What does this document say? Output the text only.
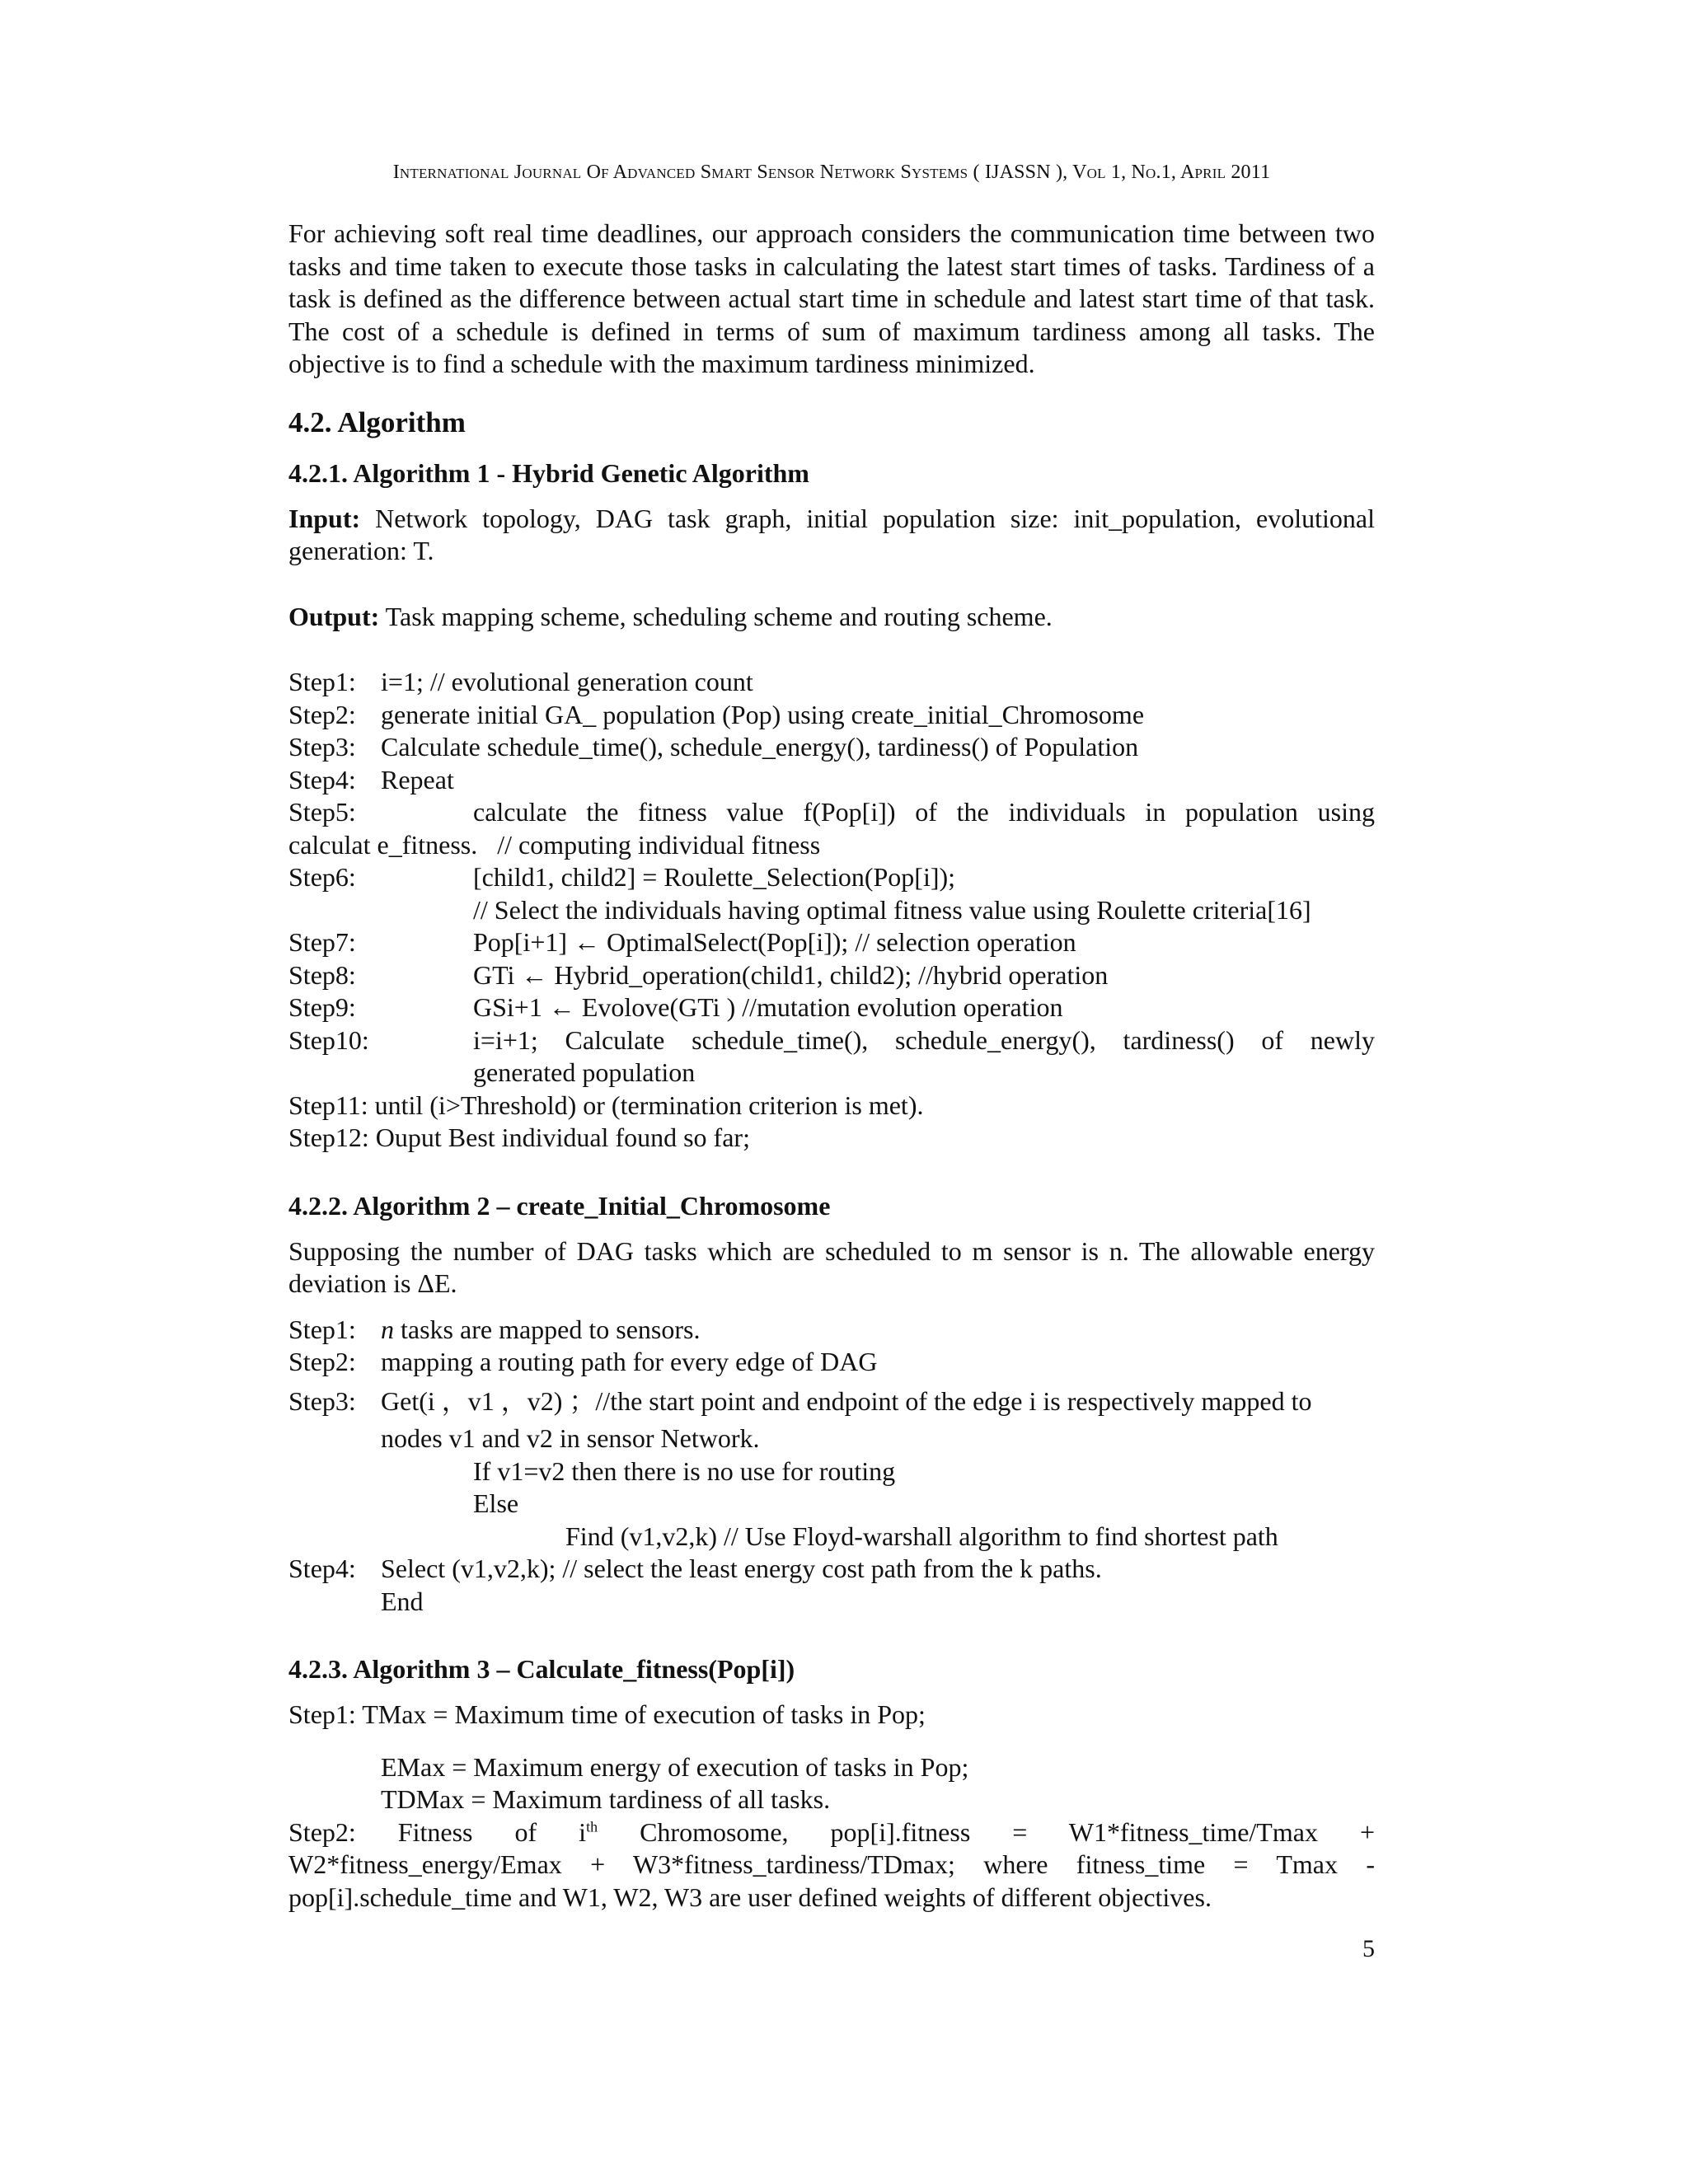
International Journal Of Advanced Smart Sensor Network Systems ( IJASSN ), Vol 1, No.1, April 2011

For achieving soft real time deadlines, our approach considers the communication time between two tasks and time taken to execute those tasks in calculating the latest start times of tasks. Tardiness of a task is defined as the difference between actual start time in schedule and latest start time of that task. The cost of a schedule is defined in terms of sum of maximum tardiness among all tasks. The objective is to find a schedule with the maximum tardiness minimized.

4.2. Algorithm
4.2.1. Algorithm 1 - Hybrid Genetic Algorithm

Input: Network topology, DAG task graph, initial population size: init_population, evolutional generation: T.

Output: Task mapping scheme, scheduling scheme and routing scheme.

Step1: i=1; // evolutional generation count
Step2: generate initial GA_ population (Pop) using create_initial_Chromosome
Step3: Calculate schedule_time(), schedule_energy(), tardiness() of Population
Step4: Repeat
Step5:	calculate the fitness value f(Pop[i]) of the individuals in population using

calculat e_fitness.   // computing individual fitness

Step6:	[child1, child2] = Roulette_Selection(Pop[i]);

// Select the individuals having optimal fitness value using Roulette criteria[16]

Step7:	Pop[i+1] ← OptimalSelect(Pop[i]); // selection operation
Step8:	GTi ← Hybrid_operation(child1, child2); //hybrid operation
Step9:	GSi+1 ← Evolove(GTi ) //mutation evolution operation
Step10:	i=i+1; Calculate schedule_time(), schedule_energy(), tardiness() of newly

generated population

Step11: until (i>Threshold) or (termination criterion is met).

Step12: Ouput Best individual found so far;

4.2.2. Algorithm 2 – create_Initial_Chromosome

Supposing the number of DAG tasks which are scheduled to m sensor is n. The allowable energy deviation is ΔE.

Step1: n tasks are mapped to sensors.
Step2: mapping a routing path for every edge of DAG
Step3: Get(i ，v1 ，v2) ；//the start point and endpoint of the edge i is respectively mapped to

nodes v1 and v2 in sensor Network.

If v1=v2 then there is no use for routing

Else

Find (v1,v2,k) // Use Floyd-warshall algorithm to find shortest path

Step4: Select (v1,v2,k); // select the least energy cost path from the k paths.

End

4.2.3. Algorithm 3 – Calculate_fitness(Pop[i])

Step1: TMax = Maximum time of execution of tasks in Pop;

EMax = Maximum energy of execution of tasks in Pop;

TDMax = Maximum tardiness of all tasks.

Step2:   Fitness   of   $i^{th}$   Chromosome,   pop[i].fitness   =   W1*fitness_time/Tmax   +

W2*fitness_energy/Emax  +  W3*fitness_tardiness/TDmax;  where  fitness_time  =  Tmax  -

pop[i].schedule_time and W1, W2, W3 are user defined weights of different objectives.

5
